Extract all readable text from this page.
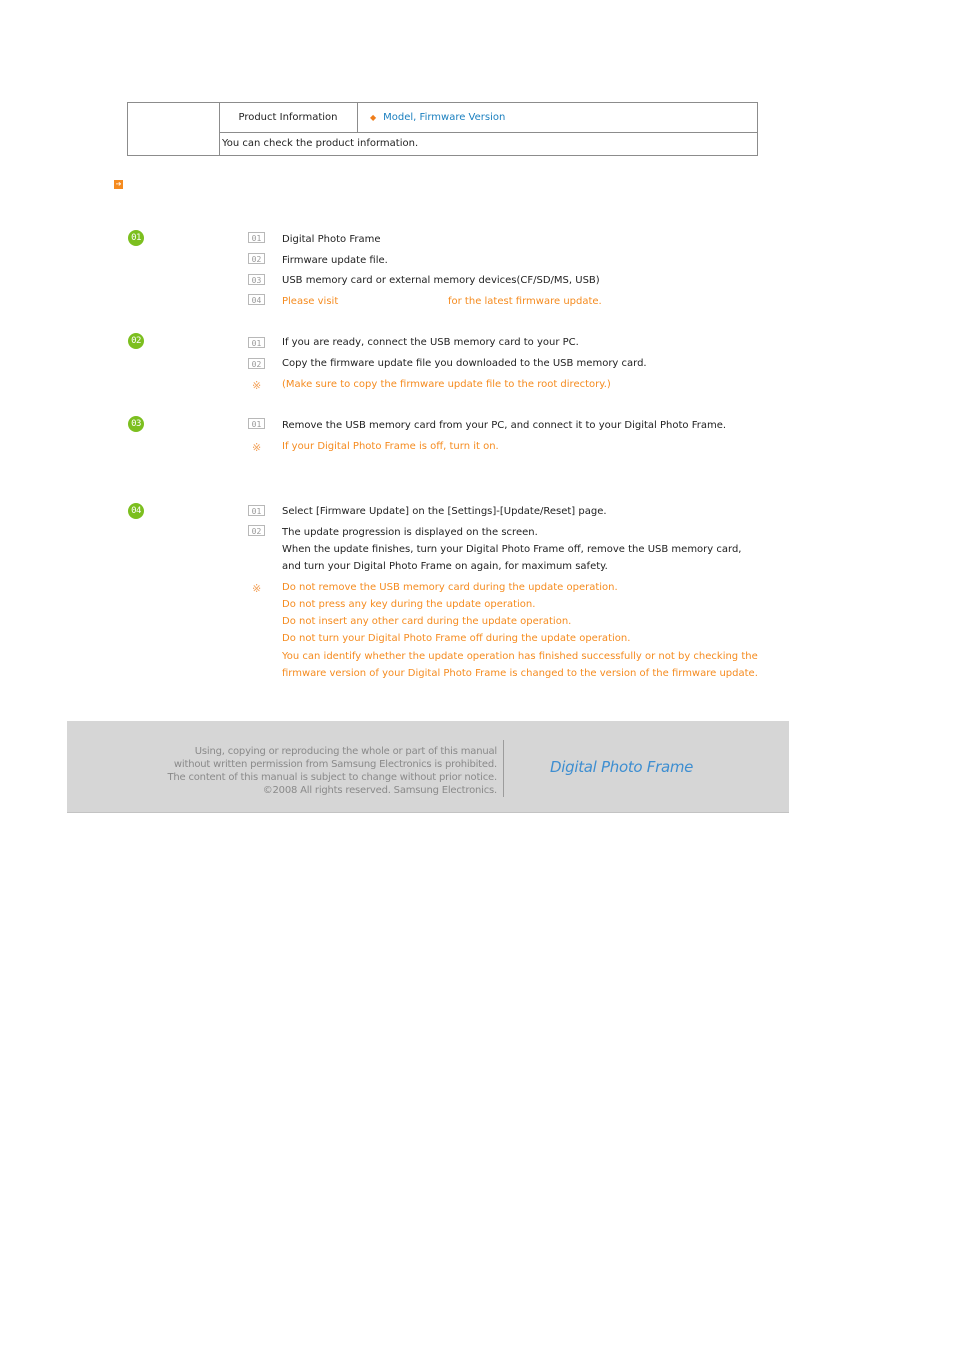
Product Information	◆ Model, Firmware Version
You can check the product information.
➔
01	01	Digital Photo Frame
02	Firmware update file.
03	USB memory card or external memory devices(CF/SD/MS, USB)
04	Please visit	for the latest firmware update.
02	01	If you are ready, connect the USB memory card to your PC.
02	Copy the firmware update file you downloaded to the USB memory card.
※ (Make sure to copy the firmware update file to the root directory.)
03	01	Remove the USB memory card from your PC, and connect it to your Digital Photo Frame.
※ If your Digital Photo Frame is off, turn it on.
04	01	Select [Firmware Update] on the [Settings]-[Update/Reset] page.
02	The update progression is displayed on the screen.
When the update finishes, turn your Digital Photo Frame off, remove the USB memory card,
and turn your Digital Photo Frame on again, for maximum safety.
※ Do not remove the USB memory card during the update operation.
Do not press any key during the update operation.
Do not insert any other card during the update operation.
Do not turn your Digital Photo Frame off during the update operation.
You can identify whether the update operation has finished successfully or not by checking the
firmware version of your Digital Photo Frame is changed to the version of the firmware update.
Using, copying or reproducing the whole or part of this manual
without written permission from Samsung Electronics is prohibited.
The content of this manual is subject to change without prior notice.
©2008 All rights reserved. Samsung Electronics.
Digital Photo Frame
